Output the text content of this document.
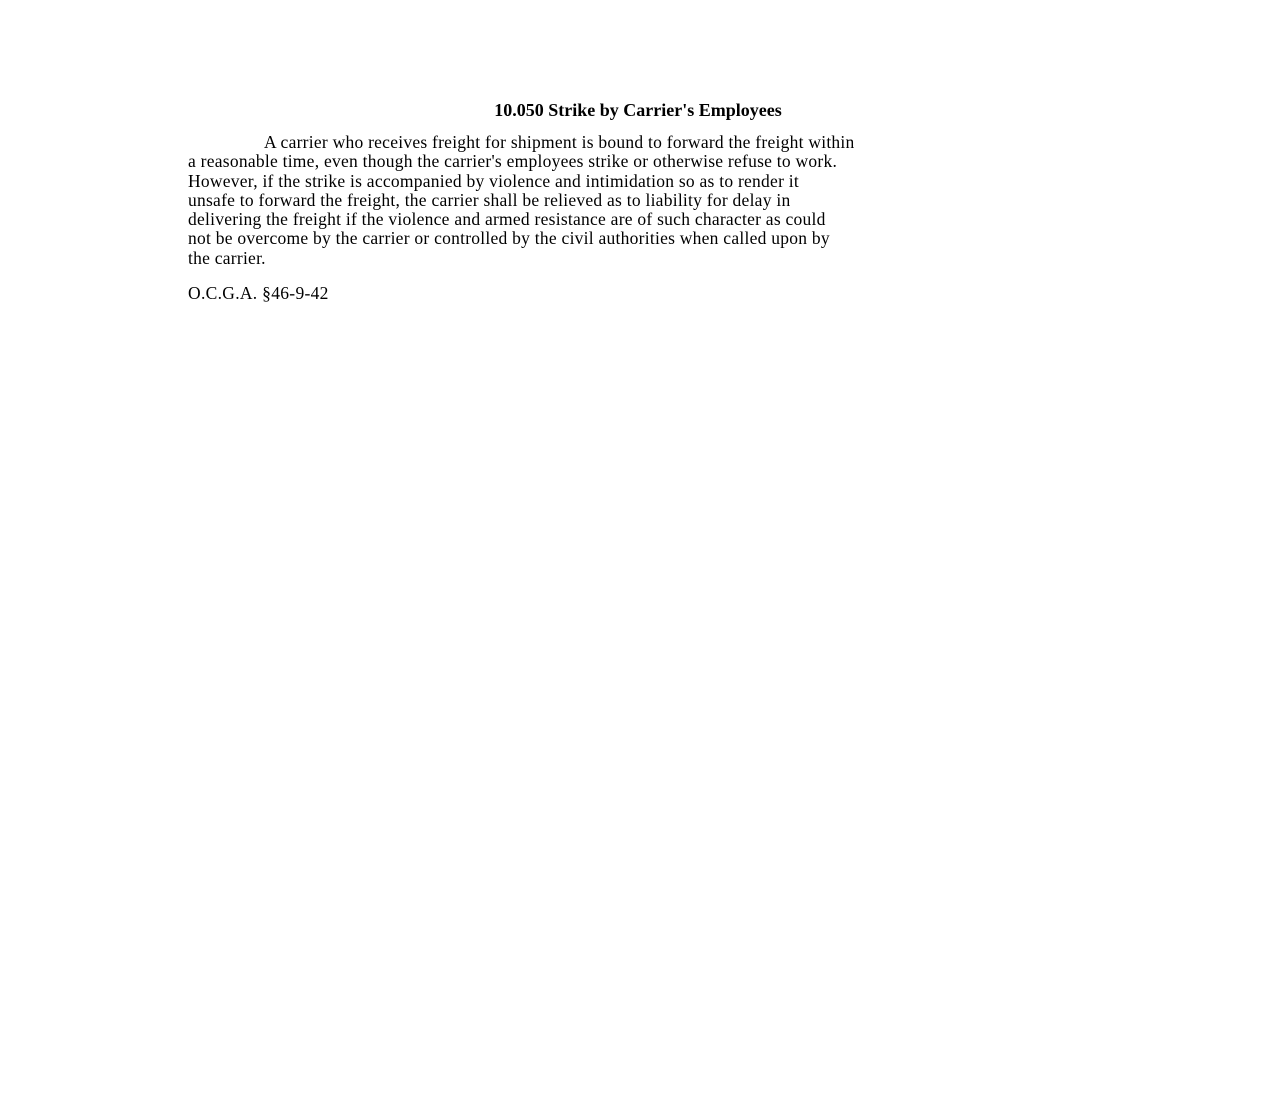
10.050 Strike by Carrier's Employees

A carrier who receives freight for shipment is bound to forward the freight within
a reasonable time, even though the carrier's employees strike or otherwise refuse to work.
However, if the strike is accompanied by violence and intimidation so as to render it
unsafe to forward the freight, the carrier shall be relieved as to liability for delay in
delivering the freight if the violence and armed resistance are of such character as could
not be overcome by the carrier or controlled by the civil authorities when called upon by
the carrier.

O.C.G.A. §46-9-42
